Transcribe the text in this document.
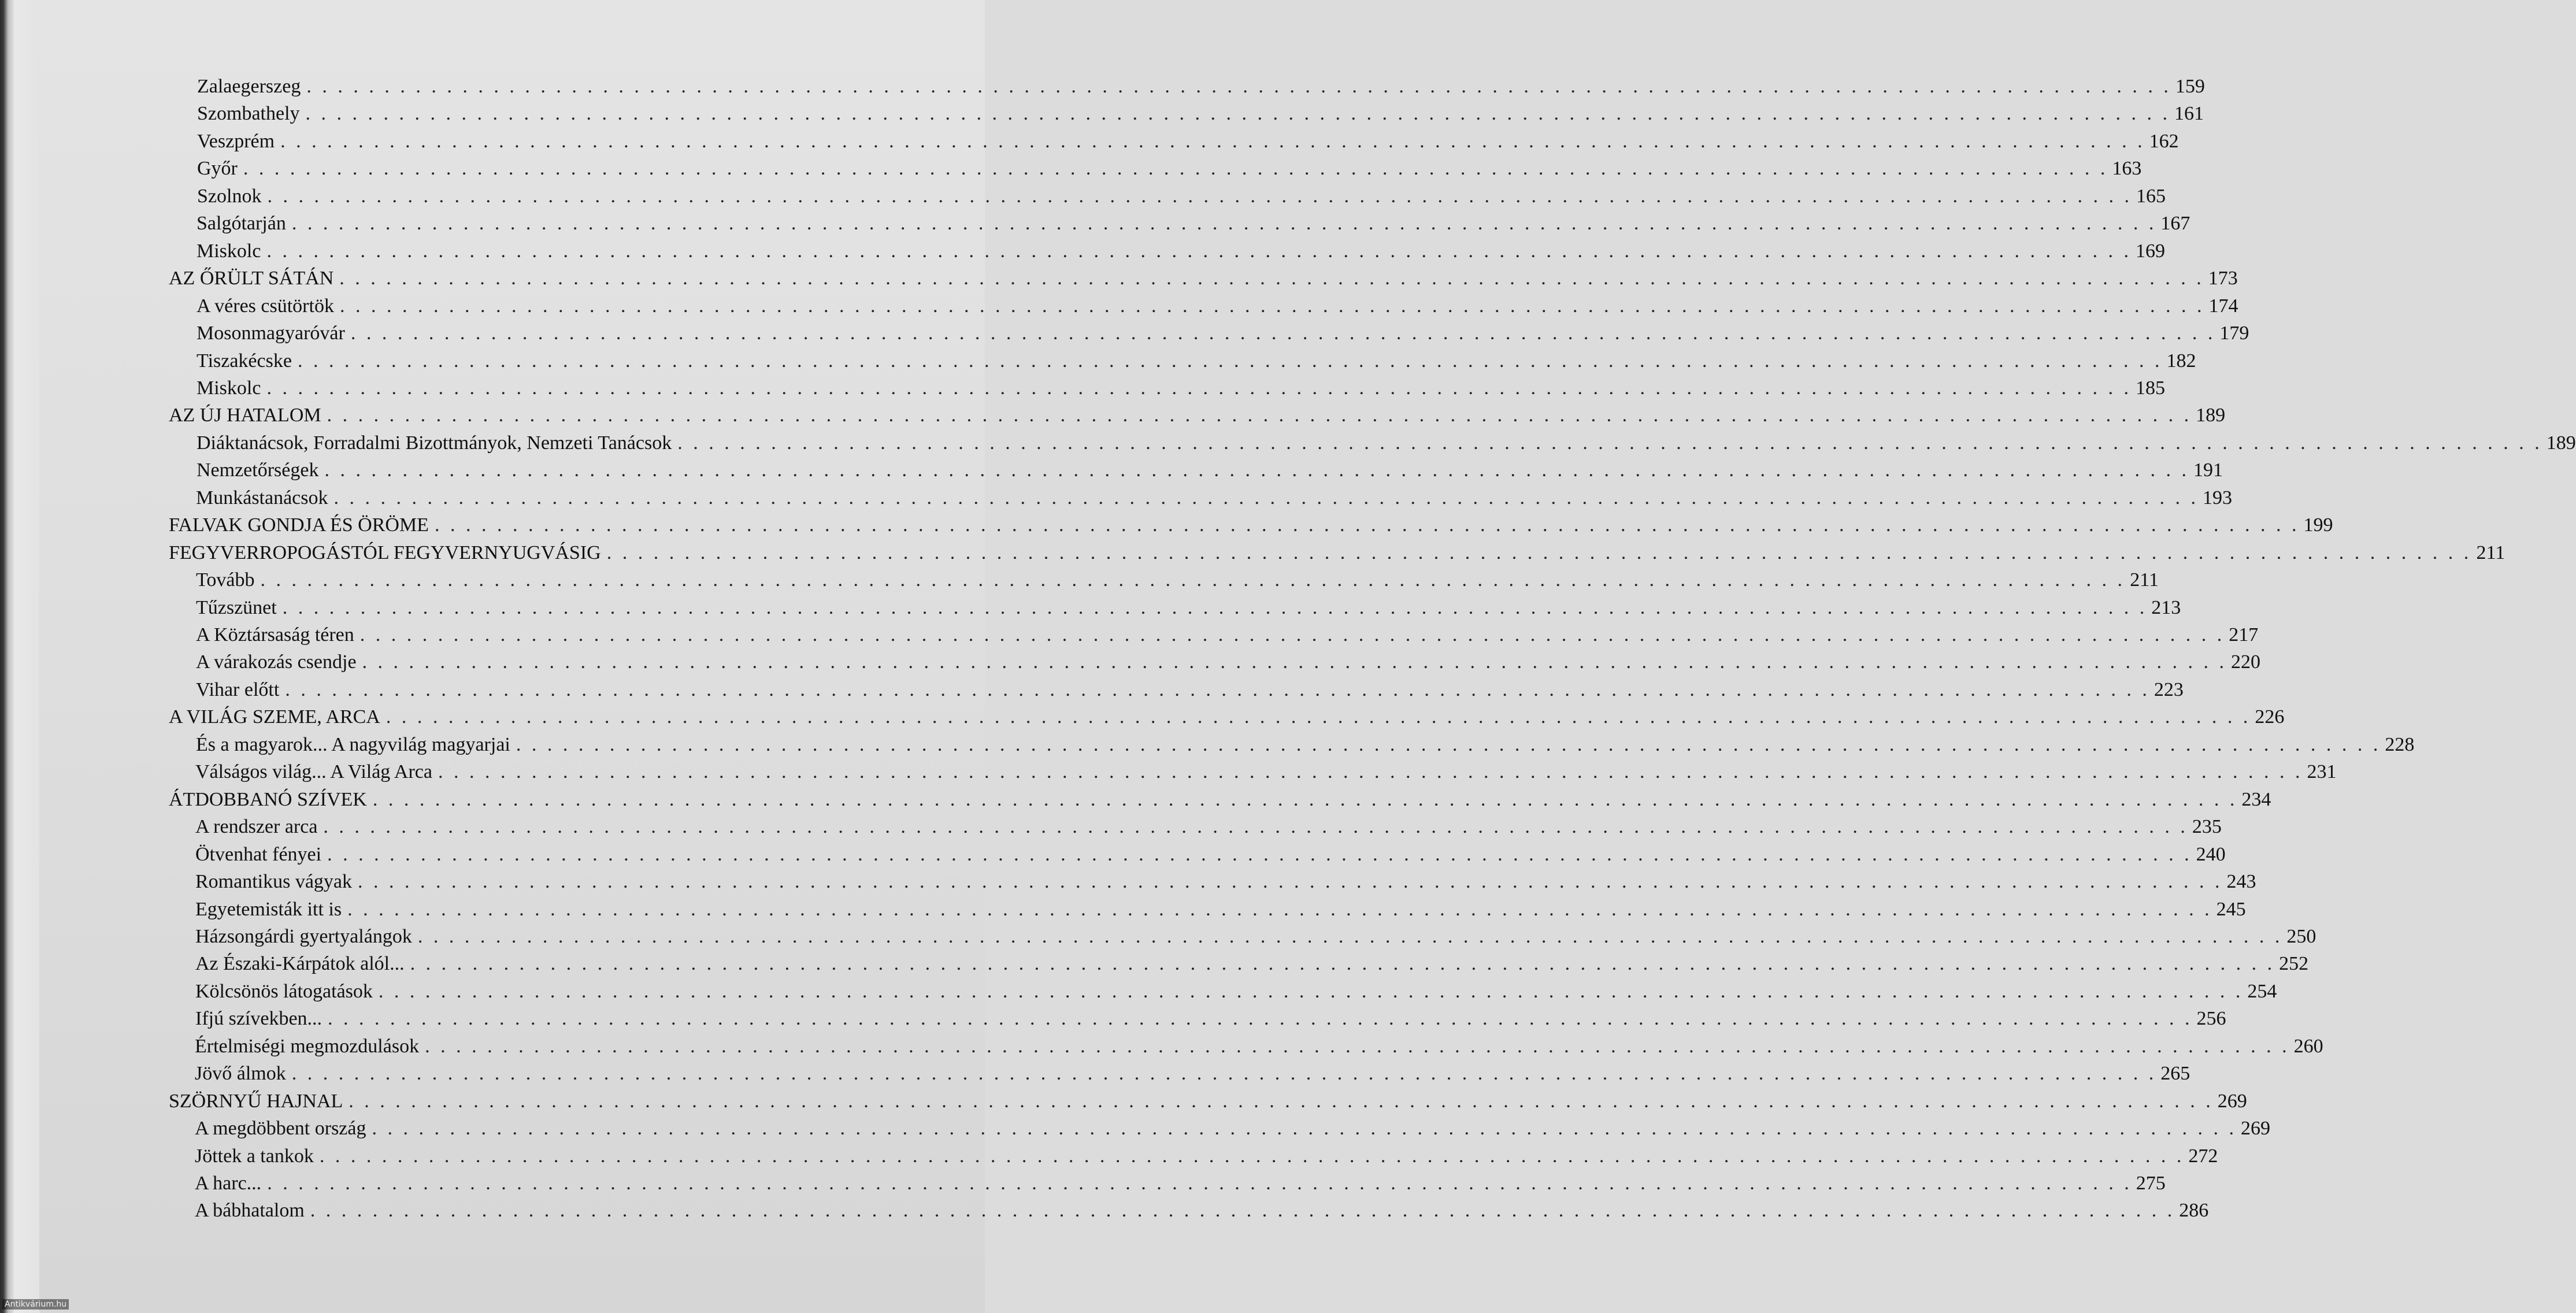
Zalaegerszeg . . . . . . . . . . . . . . . . . . . . . . . . . . . . . . . . . . . . . . . . . . . . . . . . . . . . . . . . . . . . . . . . . . . . . . . . . . . . . . . . . . . . . . . . . . . . . . . . . . . . . . . . . . . . . . . . . . . . . . . . 159
Szombathely . . . . . . . . . . . . . . . . . . . . . . . . . . . . . . . . . . . . . . . . . . . . . . . . . . . . . . . . . . . . . . . . . . . . . . . . . . . . . . . . . . . . . . . . . . . . . . . . . . . . . . . . . . . . . . . . . . . . . . . . 161
Veszprém . . . . . . . . . . . . . . . . . . . . . . . . . . . . . . . . . . . . . . . . . . . . . . . . . . . . . . . . . . . . . . . . . . . . . . . . . . . . . . . . . . . . . . . . . . . . . . . . . . . . . . . . . . . . . . . . . . . . . . . . 162
Győr . . . . . . . . . . . . . . . . . . . . . . . . . . . . . . . . . . . . . . . . . . . . . . . . . . . . . . . . . . . . . . . . . . . . . . . . . . . . . . . . . . . . . . . . . . . . . . . . . . . . . . . . . . . . . . . . . . . . . . . . 163
Szolnok . . . . . . . . . . . . . . . . . . . . . . . . . . . . . . . . . . . . . . . . . . . . . . . . . . . . . . . . . . . . . . . . . . . . . . . . . . . . . . . . . . . . . . . . . . . . . . . . . . . . . . . . . . . . . . . . . . . . . . . . 165
Salgótarján . . . . . . . . . . . . . . . . . . . . . . . . . . . . . . . . . . . . . . . . . . . . . . . . . . . . . . . . . . . . . . . . . . . . . . . . . . . . . . . . . . . . . . . . . . . . . . . . . . . . . . . . . . . . . . . . . . . . . . . . 167
Miskolc . . . . . . . . . . . . . . . . . . . . . . . . . . . . . . . . . . . . . . . . . . . . . . . . . . . . . . . . . . . . . . . . . . . . . . . . . . . . . . . . . . . . . . . . . . . . . . . . . . . . . . . . . . . . . . . . . . . . . . . . 169
AZ ŐRÜLT SÁTÁN . . . . . . . . . . . . . . . . . . . . . . . . . . . . . . . . . . . . . . . . . . . . . . . . . . . . . . . . . . . . . . . . . . . . . . . . . . . . . . . . . . . . . . . . . . . . . . . . . . . . . . . . . . . . . . . . . . . . . . . . 173
A véres csütörtök . . . . . . . . . . . . . . . . . . . . . . . . . . . . . . . . . . . . . . . . . . . . . . . . . . . . . . . . . . . . . . . . . . . . . . . . . . . . . . . . . . . . . . . . . . . . . . . . . . . . . . . . . . . . . . . . . . . . . . . . 174
Mosonmagyaróvár . . . . . . . . . . . . . . . . . . . . . . . . . . . . . . . . . . . . . . . . . . . . . . . . . . . . . . . . . . . . . . . . . . . . . . . . . . . . . . . . . . . . . . . . . . . . . . . . . . . . . . . . . . . . . . . . . . . . . . . . 179
Tiszakécske . . . . . . . . . . . . . . . . . . . . . . . . . . . . . . . . . . . . . . . . . . . . . . . . . . . . . . . . . . . . . . . . . . . . . . . . . . . . . . . . . . . . . . . . . . . . . . . . . . . . . . . . . . . . . . . . . . . . . . . . 182
Miskolc . . . . . . . . . . . . . . . . . . . . . . . . . . . . . . . . . . . . . . . . . . . . . . . . . . . . . . . . . . . . . . . . . . . . . . . . . . . . . . . . . . . . . . . . . . . . . . . . . . . . . . . . . . . . . . . . . . . . . . . . 185
AZ ÚJ HATALOM . . . . . . . . . . . . . . . . . . . . . . . . . . . . . . . . . . . . . . . . . . . . . . . . . . . . . . . . . . . . . . . . . . . . . . . . . . . . . . . . . . . . . . . . . . . . . . . . . . . . . . . . . . . . . . . . . . . . . . . . 189
Diáktanácsok, Forradalmi Bizottmányok, Nemzeti Tanácsok . . . . . . . . . . . . . . . . . . . . . . . . . . . . . . . . . . . . . . . . . . . . . . . . . . . . . . . . . . . . . . . . . . . . . . . . . . . . . . . . . . . . . . . . . . . . . . . . . . . . . . . . . . . . . . . . . . . . . . . . 189
Nemzetőrségek . . . . . . . . . . . . . . . . . . . . . . . . . . . . . . . . . . . . . . . . . . . . . . . . . . . . . . . . . . . . . . . . . . . . . . . . . . . . . . . . . . . . . . . . . . . . . . . . . . . . . . . . . . . . . . . . . . . . . . . . 191
Munkástanácsok . . . . . . . . . . . . . . . . . . . . . . . . . . . . . . . . . . . . . . . . . . . . . . . . . . . . . . . . . . . . . . . . . . . . . . . . . . . . . . . . . . . . . . . . . . . . . . . . . . . . . . . . . . . . . . . . . . . . . . . . 193
FALVAK GONDJA ÉS ÖRÖME . . . . . . . . . . . . . . . . . . . . . . . . . . . . . . . . . . . . . . . . . . . . . . . . . . . . . . . . . . . . . . . . . . . . . . . . . . . . . . . . . . . . . . . . . . . . . . . . . . . . . . . . . . . . . . . . . . . . . . . . 199
FEGYVERROPOGÁSTÓL FEGYVERNYUGVÁSIG . . . . . . . . . . . . . . . . . . . . . . . . . . . . . . . . . . . . . . . . . . . . . . . . . . . . . . . . . . . . . . . . . . . . . . . . . . . . . . . . . . . . . . . . . . . . . . . . . . . . . . . . . . . . . . . . . . . . . . . . 211
Tovább . . . . . . . . . . . . . . . . . . . . . . . . . . . . . . . . . . . . . . . . . . . . . . . . . . . . . . . . . . . . . . . . . . . . . . . . . . . . . . . . . . . . . . . . . . . . . . . . . . . . . . . . . . . . . . . . . . . . . . . . 211
Tűzszünet . . . . . . . . . . . . . . . . . . . . . . . . . . . . . . . . . . . . . . . . . . . . . . . . . . . . . . . . . . . . . . . . . . . . . . . . . . . . . . . . . . . . . . . . . . . . . . . . . . . . . . . . . . . . . . . . . . . . . . . . 213
A Köztársaság téren . . . . . . . . . . . . . . . . . . . . . . . . . . . . . . . . . . . . . . . . . . . . . . . . . . . . . . . . . . . . . . . . . . . . . . . . . . . . . . . . . . . . . . . . . . . . . . . . . . . . . . . . . . . . . . . . . . . . . . . . 217
A várakozás csendje . . . . . . . . . . . . . . . . . . . . . . . . . . . . . . . . . . . . . . . . . . . . . . . . . . . . . . . . . . . . . . . . . . . . . . . . . . . . . . . . . . . . . . . . . . . . . . . . . . . . . . . . . . . . . . . . . . . . . . . . 220
Vihar előtt . . . . . . . . . . . . . . . . . . . . . . . . . . . . . . . . . . . . . . . . . . . . . . . . . . . . . . . . . . . . . . . . . . . . . . . . . . . . . . . . . . . . . . . . . . . . . . . . . . . . . . . . . . . . . . . . . . . . . . . . 223
A VILÁG SZEME, ARCA . . . . . . . . . . . . . . . . . . . . . . . . . . . . . . . . . . . . . . . . . . . . . . . . . . . . . . . . . . . . . . . . . . . . . . . . . . . . . . . . . . . . . . . . . . . . . . . . . . . . . . . . . . . . . . . . . . . . . . . . 226
És a magyarok... A nagyvilág magyarjai . . . . . . . . . . . . . . . . . . . . . . . . . . . . . . . . . . . . . . . . . . . . . . . . . . . . . . . . . . . . . . . . . . . . . . . . . . . . . . . . . . . . . . . . . . . . . . . . . . . . . . . . . . . . . . . . . . . . . . . . 228
Válságos világ... A Világ Arca . . . . . . . . . . . . . . . . . . . . . . . . . . . . . . . . . . . . . . . . . . . . . . . . . . . . . . . . . . . . . . . . . . . . . . . . . . . . . . . . . . . . . . . . . . . . . . . . . . . . . . . . . . . . . . . . . . . . . . . . 231
ÁTDOBBANÓ SZÍVEK . . . . . . . . . . . . . . . . . . . . . . . . . . . . . . . . . . . . . . . . . . . . . . . . . . . . . . . . . . . . . . . . . . . . . . . . . . . . . . . . . . . . . . . . . . . . . . . . . . . . . . . . . . . . . . . . . . . . . . . . 234
A rendszer arca . . . . . . . . . . . . . . . . . . . . . . . . . . . . . . . . . . . . . . . . . . . . . . . . . . . . . . . . . . . . . . . . . . . . . . . . . . . . . . . . . . . . . . . . . . . . . . . . . . . . . . . . . . . . . . . . . . . . . . . . 235
Ötvenhat fényei . . . . . . . . . . . . . . . . . . . . . . . . . . . . . . . . . . . . . . . . . . . . . . . . . . . . . . . . . . . . . . . . . . . . . . . . . . . . . . . . . . . . . . . . . . . . . . . . . . . . . . . . . . . . . . . . . . . . . . . . 240
Romantikus vágyak . . . . . . . . . . . . . . . . . . . . . . . . . . . . . . . . . . . . . . . . . . . . . . . . . . . . . . . . . . . . . . . . . . . . . . . . . . . . . . . . . . . . . . . . . . . . . . . . . . . . . . . . . . . . . . . . . . . . . . . . 243
Egyetemisták itt is . . . . . . . . . . . . . . . . . . . . . . . . . . . . . . . . . . . . . . . . . . . . . . . . . . . . . . . . . . . . . . . . . . . . . . . . . . . . . . . . . . . . . . . . . . . . . . . . . . . . . . . . . . . . . . . . . . . . . . . . 245
Házsongárdi gyertyalángok . . . . . . . . . . . . . . . . . . . . . . . . . . . . . . . . . . . . . . . . . . . . . . . . . . . . . . . . . . . . . . . . . . . . . . . . . . . . . . . . . . . . . . . . . . . . . . . . . . . . . . . . . . . . . . . . . . . . . . . . 250
Az Északi-Kárpátok alól... . . . . . . . . . . . . . . . . . . . . . . . . . . . . . . . . . . . . . . . . . . . . . . . . . . . . . . . . . . . . . . . . . . . . . . . . . . . . . . . . . . . . . . . . . . . . . . . . . . . . . . . . . . . . . . . . . . . . . . . . 252
Kölcsönös látogatások . . . . . . . . . . . . . . . . . . . . . . . . . . . . . . . . . . . . . . . . . . . . . . . . . . . . . . . . . . . . . . . . . . . . . . . . . . . . . . . . . . . . . . . . . . . . . . . . . . . . . . . . . . . . . . . . . . . . . . . . 254
Ifjú szívekben... . . . . . . . . . . . . . . . . . . . . . . . . . . . . . . . . . . . . . . . . . . . . . . . . . . . . . . . . . . . . . . . . . . . . . . . . . . . . . . . . . . . . . . . . . . . . . . . . . . . . . . . . . . . . . . . . . . . . . . . . 256
Értelmiségi megmozdulások . . . . . . . . . . . . . . . . . . . . . . . . . . . . . . . . . . . . . . . . . . . . . . . . . . . . . . . . . . . . . . . . . . . . . . . . . . . . . . . . . . . . . . . . . . . . . . . . . . . . . . . . . . . . . . . . . . . . . . . . 260
Jövő álmok . . . . . . . . . . . . . . . . . . . . . . . . . . . . . . . . . . . . . . . . . . . . . . . . . . . . . . . . . . . . . . . . . . . . . . . . . . . . . . . . . . . . . . . . . . . . . . . . . . . . . . . . . . . . . . . . . . . . . . . . 265
SZÖRNYŰ HAJNAL . . . . . . . . . . . . . . . . . . . . . . . . . . . . . . . . . . . . . . . . . . . . . . . . . . . . . . . . . . . . . . . . . . . . . . . . . . . . . . . . . . . . . . . . . . . . . . . . . . . . . . . . . . . . . . . . . . . . . . . . 269
A megdöbbent ország . . . . . . . . . . . . . . . . . . . . . . . . . . . . . . . . . . . . . . . . . . . . . . . . . . . . . . . . . . . . . . . . . . . . . . . . . . . . . . . . . . . . . . . . . . . . . . . . . . . . . . . . . . . . . . . . . . . . . . . . 269
Jöttek a tankok . . . . . . . . . . . . . . . . . . . . . . . . . . . . . . . . . . . . . . . . . . . . . . . . . . . . . . . . . . . . . . . . . . . . . . . . . . . . . . . . . . . . . . . . . . . . . . . . . . . . . . . . . . . . . . . . . . . . . . . . 272
A harc... . . . . . . . . . . . . . . . . . . . . . . . . . . . . . . . . . . . . . . . . . . . . . . . . . . . . . . . . . . . . . . . . . . . . . . . . . . . . . . . . . . . . . . . . . . . . . . . . . . . . . . . . . . . . . . . . . . . . . . . . 275
A bábhatalom . . . . . . . . . . . . . . . . . . . . . . . . . . . . . . . . . . . . . . . . . . . . . . . . . . . . . . . . . . . . . . . . . . . . . . . . . . . . . . . . . . . . . . . . . . . . . . . . . . . . . . . . . . . . . . . . . . . . . . . . 286
Antikvárium.hu
